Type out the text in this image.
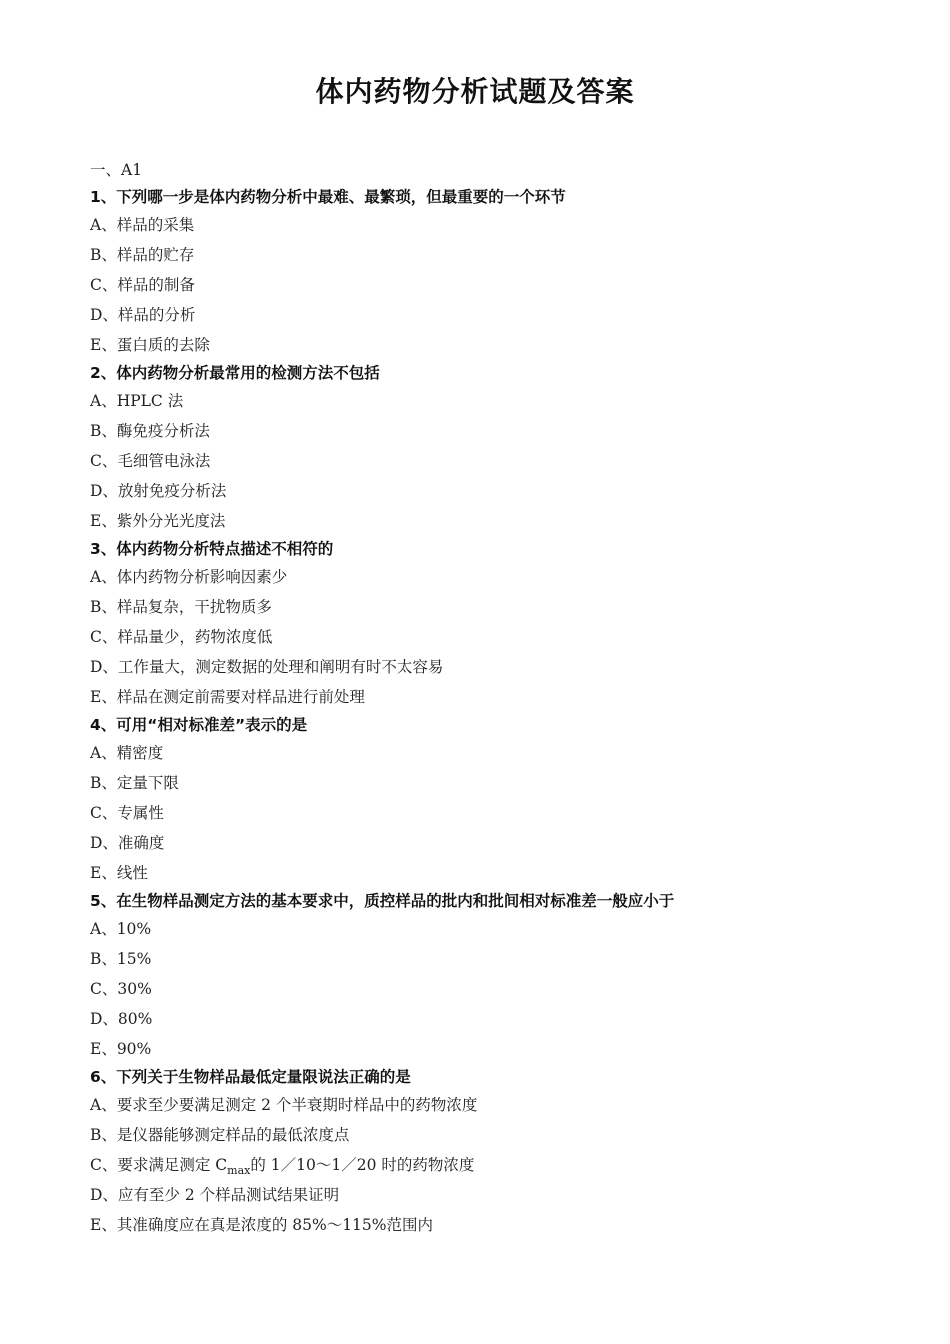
体内药物分析试题及答案
一、A1
1、下列哪一步是体内药物分析中最难、最繁琐，但最重要的一个环节
A、样品的采集
B、样品的贮存
C、样品的制备
D、样品的分析
E、蛋白质的去除
2、体内药物分析最常用的检测方法不包括
A、HPLC 法
B、酶免疫分析法
C、毛细管电泳法
D、放射免疫分析法
E、紫外分光光度法
3、体内药物分析特点描述不相符的
A、体内药物分析影响因素少
B、样品复杂，干扰物质多
C、样品量少，药物浓度低
D、工作量大，测定数据的处理和阐明有时不太容易
E、样品在测定前需要对样品进行前处理
4、可用“相对标准差”表示的是
A、精密度
B、定量下限
C、专属性
D、准确度
E、线性
5、在生物样品测定方法的基本要求中，质控样品的批内和批间相对标准差一般应小于
A、10%
B、15%
C、30%
D、80%
E、90%
6、下列关于生物样品最低定量限说法正确的是
A、要求至少要满足测定 2 个半衰期时样品中的药物浓度
B、是仪器能够测定样品的最低浓度点
C、要求满足测定 $C_{max}$的 1／10～1／20 时的药物浓度
D、应有至少 2 个样品测试结果证明
E、其准确度应在真是浓度的 85%～115%范围内
